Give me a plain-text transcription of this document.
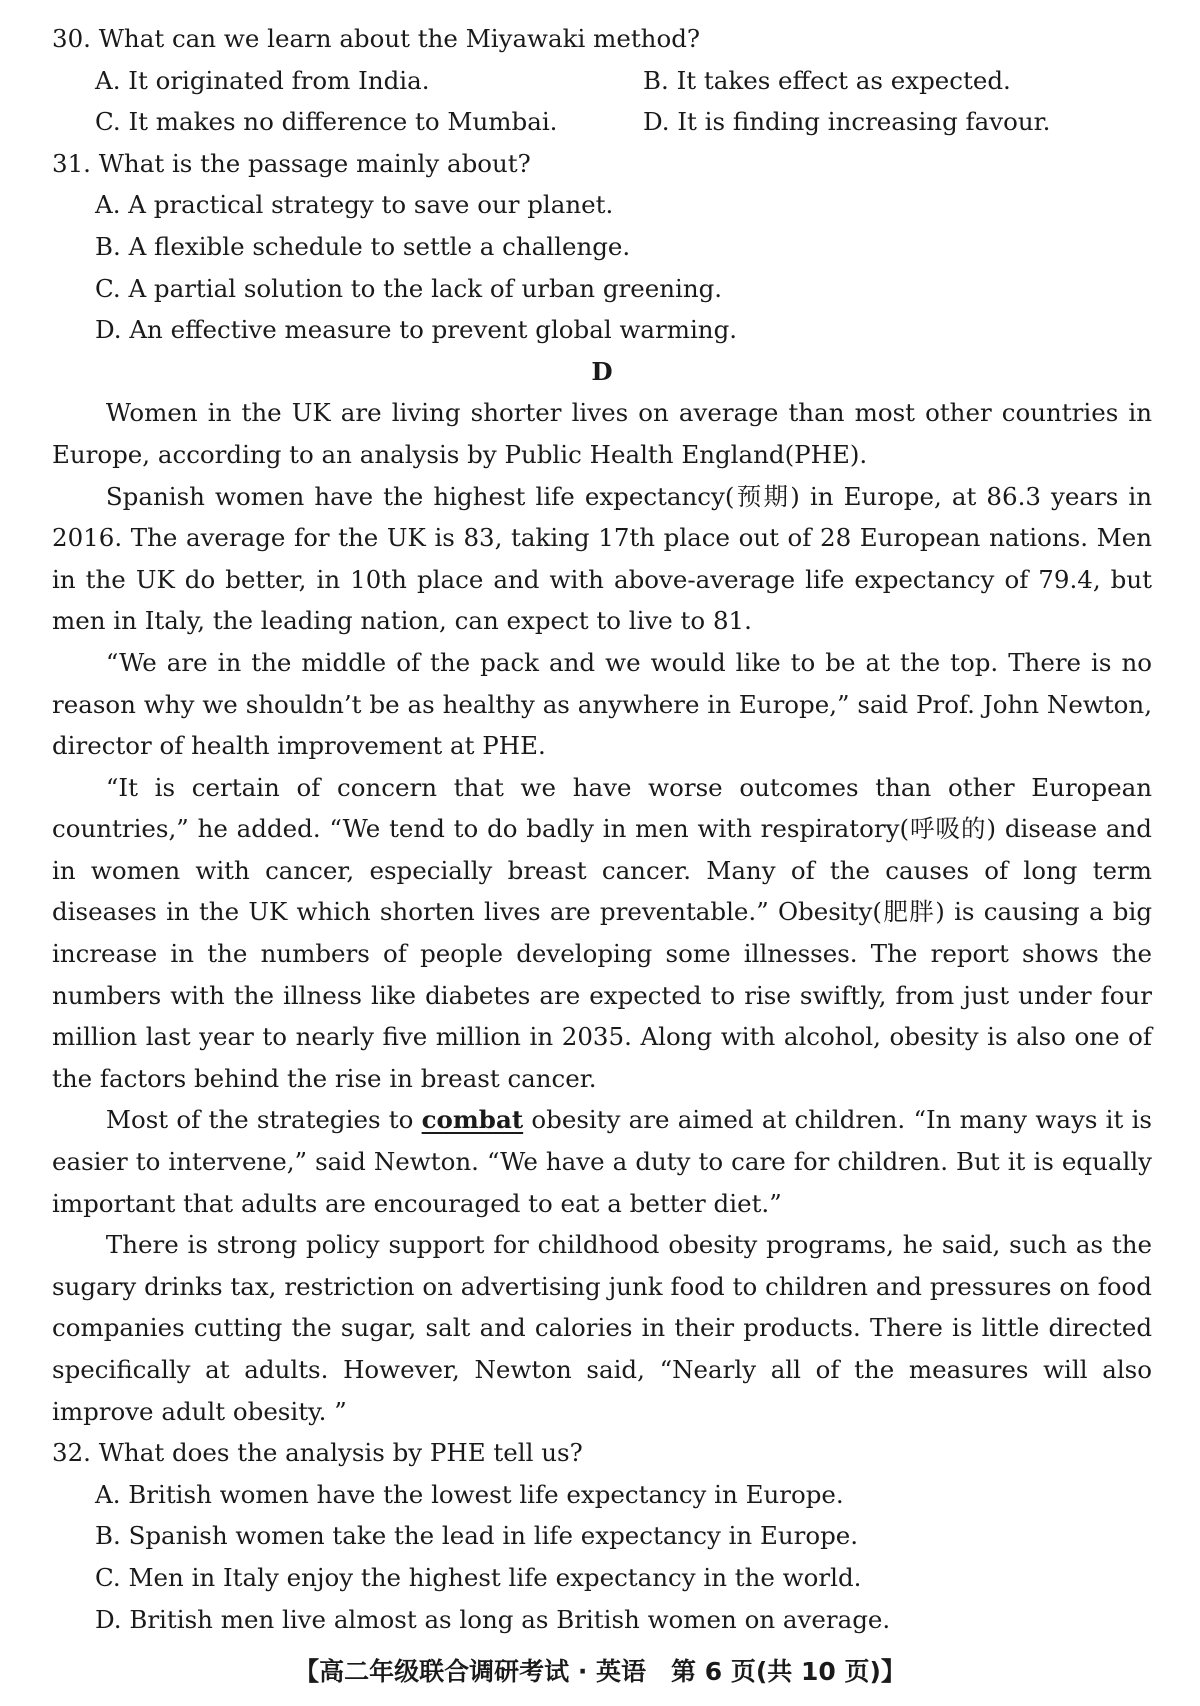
30. What can we learn about the Miyawaki method?
A. It originated from India.	B. It takes effect as expected.
C. It makes no difference to Mumbai.	D. It is finding increasing favour.
31. What is the passage mainly about?
A. A practical strategy to save our planet.
B. A flexible schedule to settle a challenge.
C. A partial solution to the lack of urban greening.
D. An effective measure to prevent global warming.
D

Women in the UK are living shorter lives on average than most other countries in Europe, according to an analysis by Public Health England(PHE).

Spanish women have the highest life expectancy(预期) in Europe, at 86.3 years in 2016. The average for the UK is 83, taking 17th place out of 28 European nations. Men in the UK do better, in 10th place and with above-average life expectancy of 79.4, but men in Italy, the leading nation, can expect to live to 81.

“We are in the middle of the pack and we would like to be at the top. There is no reason why we shouldn’t be as healthy as anywhere in Europe,” said Prof. John Newton, director of health improvement at PHE.

“It is certain of concern that we have worse outcomes than other European countries,” he added. “We tend to do badly in men with respiratory(呼吸的) disease and in women with cancer, especially breast cancer. Many of the causes of long term diseases in the UK which shorten lives are preventable.” Obesity(肥胖) is causing a big increase in the numbers of people developing some illnesses. The report shows the numbers with the illness like diabetes are expected to rise swiftly, from just under four million last year to nearly five million in 2035. Along with alcohol, obesity is also one of the factors behind the rise in breast cancer.

Most of the strategies to combat obesity are aimed at children. “In many ways it is easier to intervene,” said Newton. “We have a duty to care for children. But it is equally important that adults are encouraged to eat a better diet.”

There is strong policy support for childhood obesity programs, he said, such as the sugary drinks tax, restriction on advertising junk food to children and pressures on food companies cutting the sugar, salt and calories in their products. There is little directed specifically at adults. However, Newton said, “Nearly all of the measures will also improve adult obesity. ”

32. What does the analysis by PHE tell us?
A. British women have the lowest life expectancy in Europe.
B. Spanish women take the lead in life expectancy in Europe.
C. Men in Italy enjoy the highest life expectancy in the world.
D. British men live almost as long as British women on average.
【高二年级联合调研考试 · 英语　第 6 页(共 10 页)】
